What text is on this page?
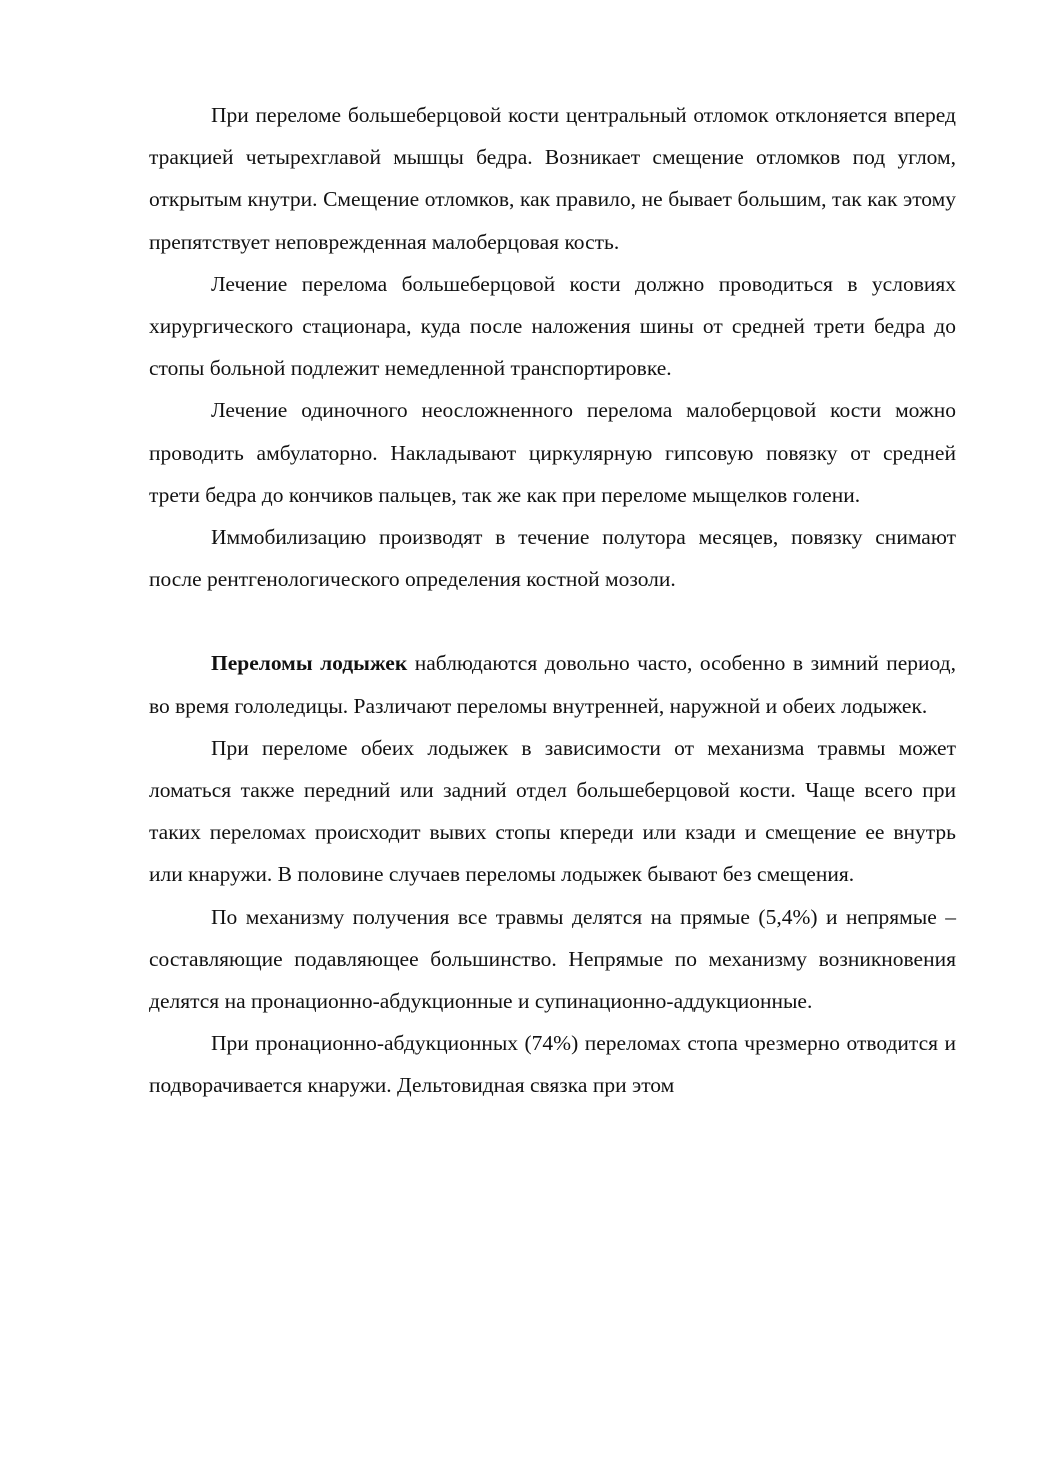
При переломе большеберцовой кости центральный отломок отклоняется вперед тракцией четырехглавой мышцы бедра. Возникает смещение отломков под углом, открытым кнутри. Смещение отломков, как правило, не бывает большим, так как этому препятствует неповрежденная малоберцовая кость.

Лечение перелома большеберцовой кости должно проводиться в условиях хирургического стационара, куда после наложения шины от средней трети бедра до стопы больной подлежит немедленной транспортировке.

Лечение одиночного неосложненного перелома малоберцовой кости можно проводить амбулаторно. Накладывают циркулярную гипсовую повязку от средней трети бедра до кончиков пальцев, так же как при переломе мыщелков голени.

Иммобилизацию производят в течение полутора месяцев, повязку снимают после рентгенологического определения костной мозоли.

Переломы лодыжек наблюдаются довольно часто, особенно в зимний период, во время гололедицы. Различают переломы внутренней, наружной и обеих лодыжек.

При переломе обеих лодыжек в зависимости от механизма травмы может ломаться также передний или задний отдел большеберцовой кости. Чаще всего при таких переломах происходит вывих стопы кпереди или кзади и смещение ее внутрь или кнаружи. В половине случаев переломы лодыжек бывают без смещения.

По механизму получения все травмы делятся на прямые (5,4%) и непрямые – составляющие подавляющее большинство. Непрямые по механизму возникновения делятся на пронационно-абдукционные и супинационно-аддукционные.

При пронационно-абдукционных (74%) переломах стопа чрезмерно отводится и подворачивается кнаружи. Дельтовидная связка при этом
